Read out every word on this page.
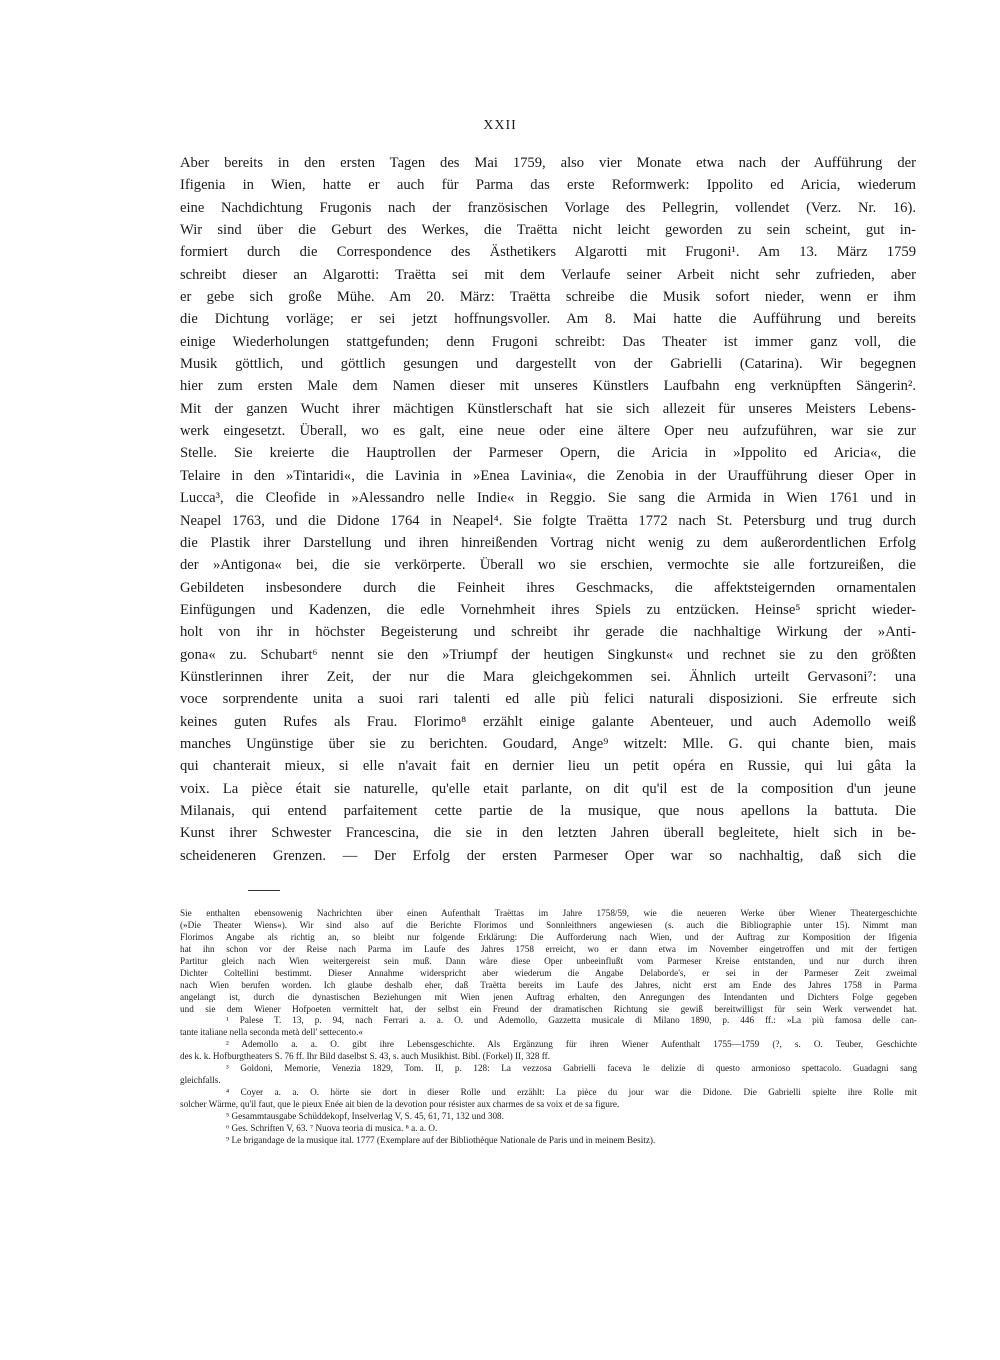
XXII
Aber bereits in den ersten Tagen des Mai 1759, also vier Monate etwa nach der Aufführung der
Ifigenia in Wien, hatte er auch für Parma das erste Reformwerk: Ippolito ed Aricia, wiederum
eine Nachdichtung Frugonis nach der französischen Vorlage des Pellegrin, vollendet (Verz. Nr. 16).
Wir sind über die Geburt des Werkes, die Traëtta nicht leicht geworden zu sein scheint, gut in-
formiert durch die Correspondence des Ästhetikers Algarotti mit Frugoni¹. Am 13. März 1759
schreibt dieser an Algarotti: Traëtta sei mit dem Verlaufe seiner Arbeit nicht sehr zufrieden, aber
er gebe sich große Mühe. Am 20. März: Traëtta schreibe die Musik sofort nieder, wenn er ihm
die Dichtung vorläge; er sei jetzt hoffnungsvoller. Am 8. Mai hatte die Aufführung und bereits
einige Wiederholungen stattgefunden; denn Frugoni schreibt: Das Theater ist immer ganz voll, die
Musik göttlich, und göttlich gesungen und dargestellt von der Gabrielli (Catarina). Wir begegnen
hier zum ersten Male dem Namen dieser mit unseres Künstlers Laufbahn eng verknüpften Sängerin².
Mit der ganzen Wucht ihrer mächtigen Künstlerschaft hat sie sich allezeit für unseres Meisters Lebens-
werk eingesetzt. Überall, wo es galt, eine neue oder eine ältere Oper neu aufzuführen, war sie zur
Stelle. Sie kreierte die Hauptrollen der Parmeser Opern, die Aricia in »Ippolito ed Aricia«, die
Telaire in den »Tintaridi«, die Lavinia in »Enea Lavinia«, die Zenobia in der Uraufführung dieser Oper in
Lucca³, die Cleofide in »Alessandro nelle Indie« in Reggio. Sie sang die Armida in Wien 1761 und in
Neapel 1763, und die Didone 1764 in Neapel⁴. Sie folgte Traëtta 1772 nach St. Petersburg und trug durch
die Plastik ihrer Darstellung und ihren hinreißenden Vortrag nicht wenig zu dem außerordentlichen Erfolg
der »Antigona« bei, die sie verkörperte. Überall wo sie erschien, vermochte sie alle fortzureißen, die
Gebildeten insbesondere durch die Feinheit ihres Geschmacks, die affektsteigernden ornamentalen
Einfügungen und Kadenzen, die edle Vornehmheit ihres Spiels zu entzücken. Heinse⁵ spricht wieder-
holt von ihr in höchster Begeisterung und schreibt ihr gerade die nachhaltige Wirkung der »Anti-
gona« zu. Schubart⁶ nennt sie den »Triumpf der heutigen Singkunst« und rechnet sie zu den größten
Künstlerinnen ihrer Zeit, der nur die Mara gleichgekommen sei. Ähnlich urteilt Gervasoni⁷: una
voce sorprendente unita a suoi rari talenti ed alle più felici naturali disposizioni. Sie erfreute sich
keines guten Rufes als Frau. Florimo⁸ erzählt einige galante Abenteuer, und auch Ademollo weiß
manches Ungünstige über sie zu berichten. Goudard, Ange⁹ witzelt: Mlle. G. qui chante bien, mais
qui chanterait mieux, si elle n'avait fait en dernier lieu un petit opéra en Russie, qui lui gâta la
voix. La pièce était sie naturelle, qu'elle etait parlante, on dit qu'il est de la composition d'un jeune
Milanais, qui entend parfaitement cette partie de la musique, que nous apellons la battuta. Die
Kunst ihrer Schwester Francescina, die sie in den letzten Jahren überall begleitete, hielt sich in be-
scheideneren Grenzen. — Der Erfolg der ersten Parmeser Oper war so nachhaltig, daß sich die
Sie enthalten ebensowenig Nachrichten über einen Aufenthalt Traëttas im Jahre 1758/59, wie die neueren Werke über Wiener Theatergeschichte
(»Die Theater Wiens«). Wir sind also auf die Berichte Florimos und Sonnleithners angewiesen (s. auch die Bibliographie unter 15). Nimmt man
Florimos Angabe als richtig an, so bleibt nur folgende Erklärung: Die Aufforderung nach Wien, und der Auftrag zur Komposition der Ifigenia
hat ihn schon vor der Reise nach Parma im Laufe des Jahres 1758 erreicht, wo er dann etwa im November eingetroffen und mit der fertigen
Partitur gleich nach Wien weitergereist sein muß. Dann wäre diese Oper unbeeinflußt vom Parmeser Kreise entstanden, und nur durch ihren
Dichter Coltellini bestimmt. Dieser Annahme widerspricht aber wiederum die Angabe Delaborde's, er sei in der Parmeser Zeit zweimal
nach Wien berufen worden. Ich glaube deshalb eher, daß Traëtta bereits im Laufe des Jahres, nicht erst am Ende des Jahres 1758 in Parma
angelangt ist, durch die dynastischen Beziehungen mit Wien jenen Auftrag erhalten, den Anregungen des Intendanten und Dichters Folge gegeben
und sie dem Wiener Hofpoeten vermittelt hat, der selbst ein Freund der dramatischen Richtung sie gewiß bereitwilligst für sein Werk verwendet hat.
¹ Palese T. 13, p. 94, nach Ferrari a. a. O. und Ademollo, Gazzetta musicale di Milano 1890, p. 446 ff.: »La più famosa delle can-
tante italiane nella seconda metà dell' settecento.«
² Ademollo a. a. O. gibt ihre Lebensgeschichte. Als Ergänzung für ihren Wiener Aufenthalt 1755—1759 (?, s. O. Teuber, Geschichte
des k. k. Hofburgtheaters S. 76 ff. Ihr Bild daselbst S. 43, s. auch Musikhist. Bibl. (Forkel) II, 328 ff.
³ Goldoni, Memorie, Venezia 1829, Tom. II, p. 128: La vezzosa Gabrielli faceva le delizie di questo armonioso spettacolo. Guadagni sang
gleichfalls.
⁴ Coyer a. a. O. hörte sie dort in dieser Rolle und erzählt: La pièce du jour war die Didone. Die Gabrielli spielte ihre Rolle mit
solcher Wärme, qu'il faut, que le pieux Enée ait bien de la devotion pour résister aux charmes de sa voix et de sa figure.
⁵ Gesammtausgabe Schüddekopf, Inselverlag V, S. 45, 61, 71, 132 und 308.
⁶ Ges. Schriften V, 63. ⁷ Nuova teoria di musica. ⁸ a. a. O.
⁹ Le brigandage de la musique ital. 1777 (Exemplare auf der Bibliothèque Nationale de Paris und in meinem Besitz).
